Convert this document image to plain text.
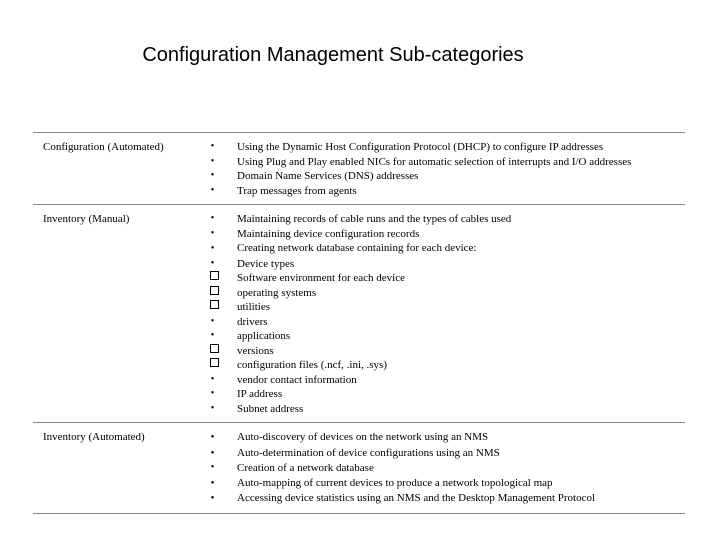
Configuration Management Sub-categories
Configuration (Automated) •	Using the Dynamic Host Configuration Protocol (DHCP) to configure IP addresses
•
Using Plug and Play enabled NICs for automatic selection of interrupts and I/O addresses
•
Domain Name Services (DNS) addresses
•
Trap messages from agents
Inventory (Manual) •	Maintaining records of cable runs and the types of cables used
•
Maintaining device configuration records
●
Creating network database containing for each device:
•
Device types
Software environment for each device
operating systems
utilities
•
drivers
•
applications
versions
configuration files (.ncf, .ini, .sys)
•
vendor contact information
•
IP address
•
Subnet address
Inventory (Automated) ●	Auto-discovery of devices on the network using an NMS
●
Auto-determination of device configurations using an NMS
•
Creation of a network database
●
Auto-mapping of current devices to produce a network topological map
●
Accessing device statistics using an NMS and the Desktop Management Protocol
